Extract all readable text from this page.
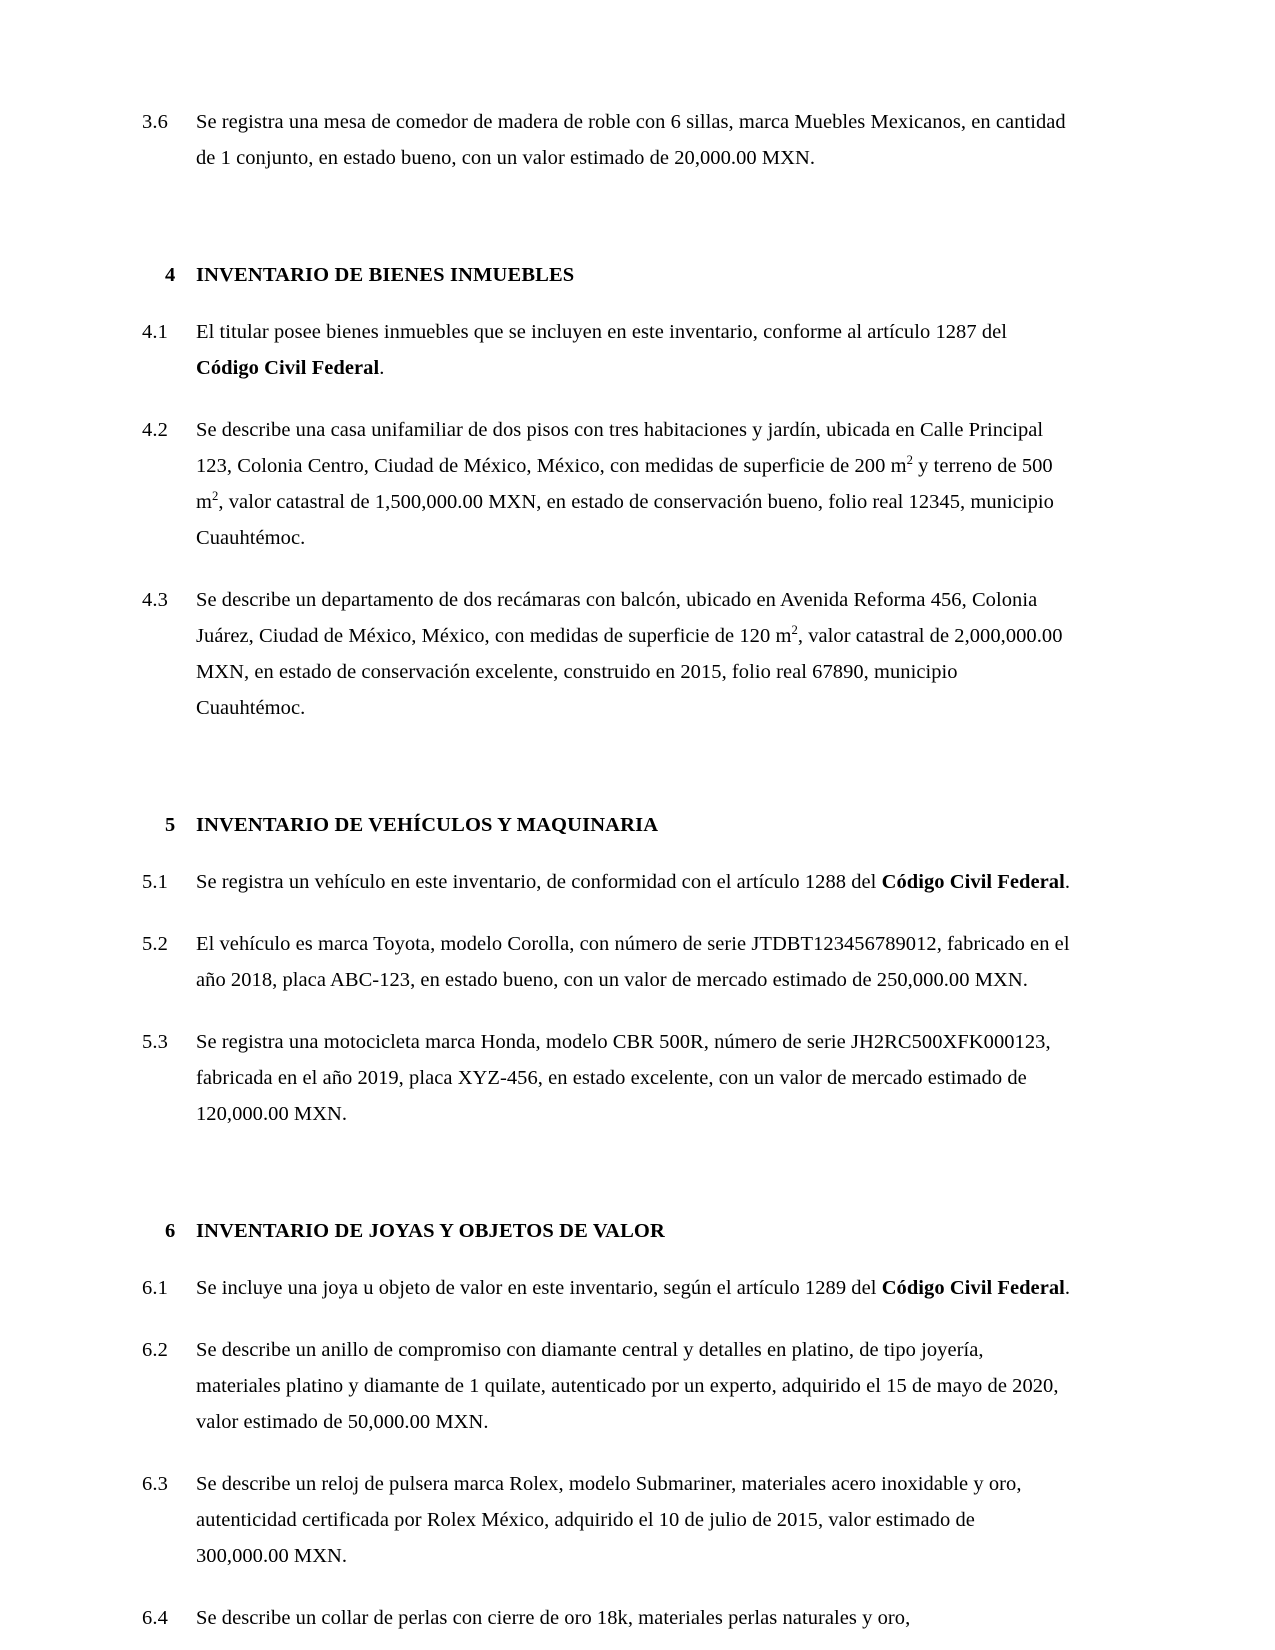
3.6	Se registra una mesa de comedor de madera de roble con 6 sillas, marca Muebles Mexicanos, en cantidad de 1 conjunto, en estado bueno, con un valor estimado de 20,000.00 MXN.
4	INVENTARIO DE BIENES INMUEBLES
4.1	El titular posee bienes inmuebles que se incluyen en este inventario, conforme al artículo 1287 del Código Civil Federal.
4.2	Se describe una casa unifamiliar de dos pisos con tres habitaciones y jardín, ubicada en Calle Principal 123, Colonia Centro, Ciudad de México, México, con medidas de superficie de 200 $m^2$ y terreno de 500 $m^2$, valor catastral de 1,500,000.00 MXN, en estado de conservación bueno, folio real 12345, municipio Cuauhtémoc.
4.3	Se describe un departamento de dos recámaras con balcón, ubicado en Avenida Reforma 456, Colonia Juárez, Ciudad de México, México, con medidas de superficie de 120 $m^2$, valor catastral de 2,000,000.00 MXN, en estado de conservación excelente, construido en 2015, folio real 67890, municipio Cuauhtémoc.
5	INVENTARIO DE VEHÍCULOS Y MAQUINARIA
5.1	Se registra un vehículo en este inventario, de conformidad con el artículo 1288 del Código Civil Federal.
5.2	El vehículo es marca Toyota, modelo Corolla, con número de serie JTDBT123456789012, fabricado en el año 2018, placa ABC-123, en estado bueno, con un valor de mercado estimado de 250,000.00 MXN.
5.3	Se registra una motocicleta marca Honda, modelo CBR 500R, número de serie JH2RC500XFK000123, fabricada en el año 2019, placa XYZ-456, en estado excelente, con un valor de mercado estimado de 120,000.00 MXN.
6	INVENTARIO DE JOYAS Y OBJETOS DE VALOR
6.1	Se incluye una joya u objeto de valor en este inventario, según el artículo 1289 del Código Civil Federal.
6.2	Se describe un anillo de compromiso con diamante central y detalles en platino, de tipo joyería, materiales platino y diamante de 1 quilate, autenticado por un experto, adquirido el 15 de mayo de 2020, valor estimado de 50,000.00 MXN.
6.3	Se describe un reloj de pulsera marca Rolex, modelo Submariner, materiales acero inoxidable y oro, autenticidad certificada por Rolex México, adquirido el 10 de julio de 2015, valor estimado de 300,000.00 MXN.
6.4	Se describe un collar de perlas con cierre de oro 18k, materiales perlas naturales y oro,
